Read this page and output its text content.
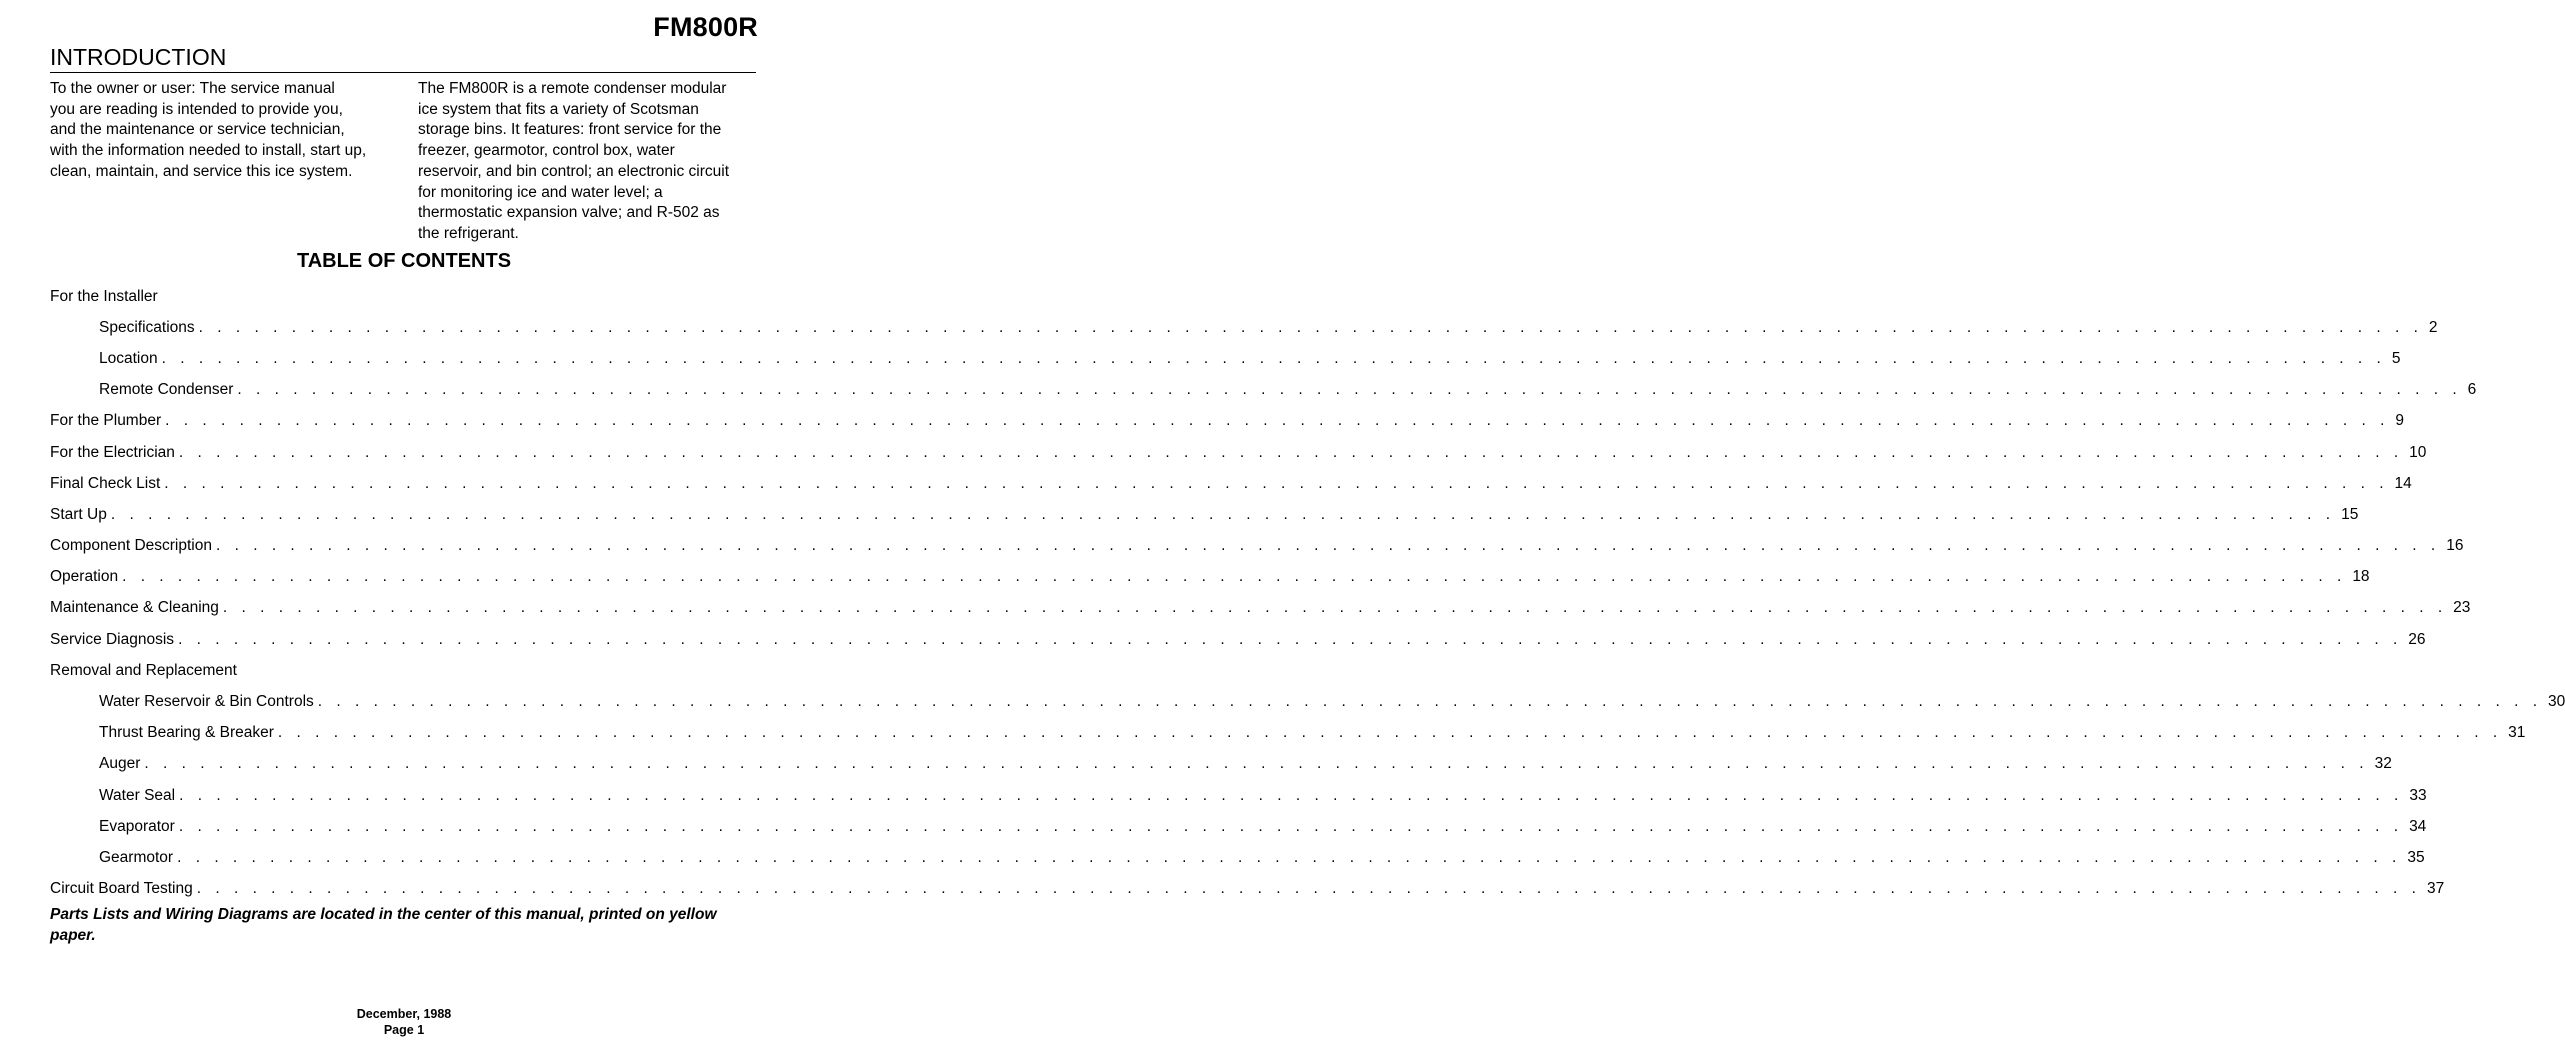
FM800R
INTRODUCTION
To the owner or user: The service manual
you are reading is intended to provide you,
and the maintenance or service technician,
with the information needed to install, start up,
clean, maintain, and service this ice system.
The FM800R is a remote condenser modular
ice system that fits a variety of Scotsman
storage bins. It features: front service for the
freezer, gearmotor, control box, water
reservoir, and bin control; an electronic circuit
for monitoring ice and water level; a
thermostatic expansion valve; and R-502 as
the refrigerant.
TABLE OF CONTENTS
For the Installer
Specifications . . . . . . . . . . . . . . . . . . . . . . . . . . . . . . . . . . . . . . . . . . . . . . . . . . . . . . . . . . . . . . . . . . . . . . . . . . . . . . . . . . . . . . . . . . . . . . . . . . . . . . . . . . . . . . . . . . . . . . . . 2
Location . . . . . . . . . . . . . . . . . . . . . . . . . . . . . . . . . . . . . . . . . . . . . . . . . . . . . . . . . . . . . . . . . . . . . . . . . . . . . . . . . . . . . . . . . . . . . . . . . . . . . . . . . . . . . . . . . . . . . . . . 5
Remote Condenser . . . . . . . . . . . . . . . . . . . . . . . . . . . . . . . . . . . . . . . . . . . . . . . . . . . . . . . . . . . . . . . . . . . . . . . . . . . . . . . . . . . . . . . . . . . . . . . . . . . . . . . . . . . . . . . . . . . . . . . . 6
For the Plumber . . . . . . . . . . . . . . . . . . . . . . . . . . . . . . . . . . . . . . . . . . . . . . . . . . . . . . . . . . . . . . . . . . . . . . . . . . . . . . . . . . . . . . . . . . . . . . . . . . . . . . . . . . . . . . . . . . . . . . . . 9
For the Electrician . . . . . . . . . . . . . . . . . . . . . . . . . . . . . . . . . . . . . . . . . . . . . . . . . . . . . . . . . . . . . . . . . . . . . . . . . . . . . . . . . . . . . . . . . . . . . . . . . . . . . . . . . . . . . . . . . . . . . . . . 10
Final Check List . . . . . . . . . . . . . . . . . . . . . . . . . . . . . . . . . . . . . . . . . . . . . . . . . . . . . . . . . . . . . . . . . . . . . . . . . . . . . . . . . . . . . . . . . . . . . . . . . . . . . . . . . . . . . . . . . . . . . . . . 14
Start Up . . . . . . . . . . . . . . . . . . . . . . . . . . . . . . . . . . . . . . . . . . . . . . . . . . . . . . . . . . . . . . . . . . . . . . . . . . . . . . . . . . . . . . . . . . . . . . . . . . . . . . . . . . . . . . . . . . . . . . . . 15
Component Description . . . . . . . . . . . . . . . . . . . . . . . . . . . . . . . . . . . . . . . . . . . . . . . . . . . . . . . . . . . . . . . . . . . . . . . . . . . . . . . . . . . . . . . . . . . . . . . . . . . . . . . . . . . . . . . . . . . . . . . . 16
Operation . . . . . . . . . . . . . . . . . . . . . . . . . . . . . . . . . . . . . . . . . . . . . . . . . . . . . . . . . . . . . . . . . . . . . . . . . . . . . . . . . . . . . . . . . . . . . . . . . . . . . . . . . . . . . . . . . . . . . . . . 18
Maintenance & Cleaning . . . . . . . . . . . . . . . . . . . . . . . . . . . . . . . . . . . . . . . . . . . . . . . . . . . . . . . . . . . . . . . . . . . . . . . . . . . . . . . . . . . . . . . . . . . . . . . . . . . . . . . . . . . . . . . . . . . . . . . . 23
Service Diagnosis . . . . . . . . . . . . . . . . . . . . . . . . . . . . . . . . . . . . . . . . . . . . . . . . . . . . . . . . . . . . . . . . . . . . . . . . . . . . . . . . . . . . . . . . . . . . . . . . . . . . . . . . . . . . . . . . . . . . . . . . 26
Removal and Replacement
Water Reservoir & Bin Controls . . . . . . . . . . . . . . . . . . . . . . . . . . . . . . . . . . . . . . . . . . . . . . . . . . . . . . . . . . . . . . . . . . . . . . . . . . . . . . . . . . . . . . . . . . . . . . . . . . . . . . . . . . . . . . . . . . . . . . . . 30
Thrust Bearing & Breaker . . . . . . . . . . . . . . . . . . . . . . . . . . . . . . . . . . . . . . . . . . . . . . . . . . . . . . . . . . . . . . . . . . . . . . . . . . . . . . . . . . . . . . . . . . . . . . . . . . . . . . . . . . . . . . . . . . . . . . . . 31
Auger . . . . . . . . . . . . . . . . . . . . . . . . . . . . . . . . . . . . . . . . . . . . . . . . . . . . . . . . . . . . . . . . . . . . . . . . . . . . . . . . . . . . . . . . . . . . . . . . . . . . . . . . . . . . . . . . . . . . . . . . 32
Water Seal . . . . . . . . . . . . . . . . . . . . . . . . . . . . . . . . . . . . . . . . . . . . . . . . . . . . . . . . . . . . . . . . . . . . . . . . . . . . . . . . . . . . . . . . . . . . . . . . . . . . . . . . . . . . . . . . . . . . . . . . 33
Evaporator . . . . . . . . . . . . . . . . . . . . . . . . . . . . . . . . . . . . . . . . . . . . . . . . . . . . . . . . . . . . . . . . . . . . . . . . . . . . . . . . . . . . . . . . . . . . . . . . . . . . . . . . . . . . . . . . . . . . . . . . 34
Gearmotor . . . . . . . . . . . . . . . . . . . . . . . . . . . . . . . . . . . . . . . . . . . . . . . . . . . . . . . . . . . . . . . . . . . . . . . . . . . . . . . . . . . . . . . . . . . . . . . . . . . . . . . . . . . . . . . . . . . . . . . . 35
Circuit Board Testing . . . . . . . . . . . . . . . . . . . . . . . . . . . . . . . . . . . . . . . . . . . . . . . . . . . . . . . . . . . . . . . . . . . . . . . . . . . . . . . . . . . . . . . . . . . . . . . . . . . . . . . . . . . . . . . . . . . . . . . . 37
Parts Lists and Wiring Diagrams are located in the center of this manual, printed on yellow paper.
December, 1988
Page 1
